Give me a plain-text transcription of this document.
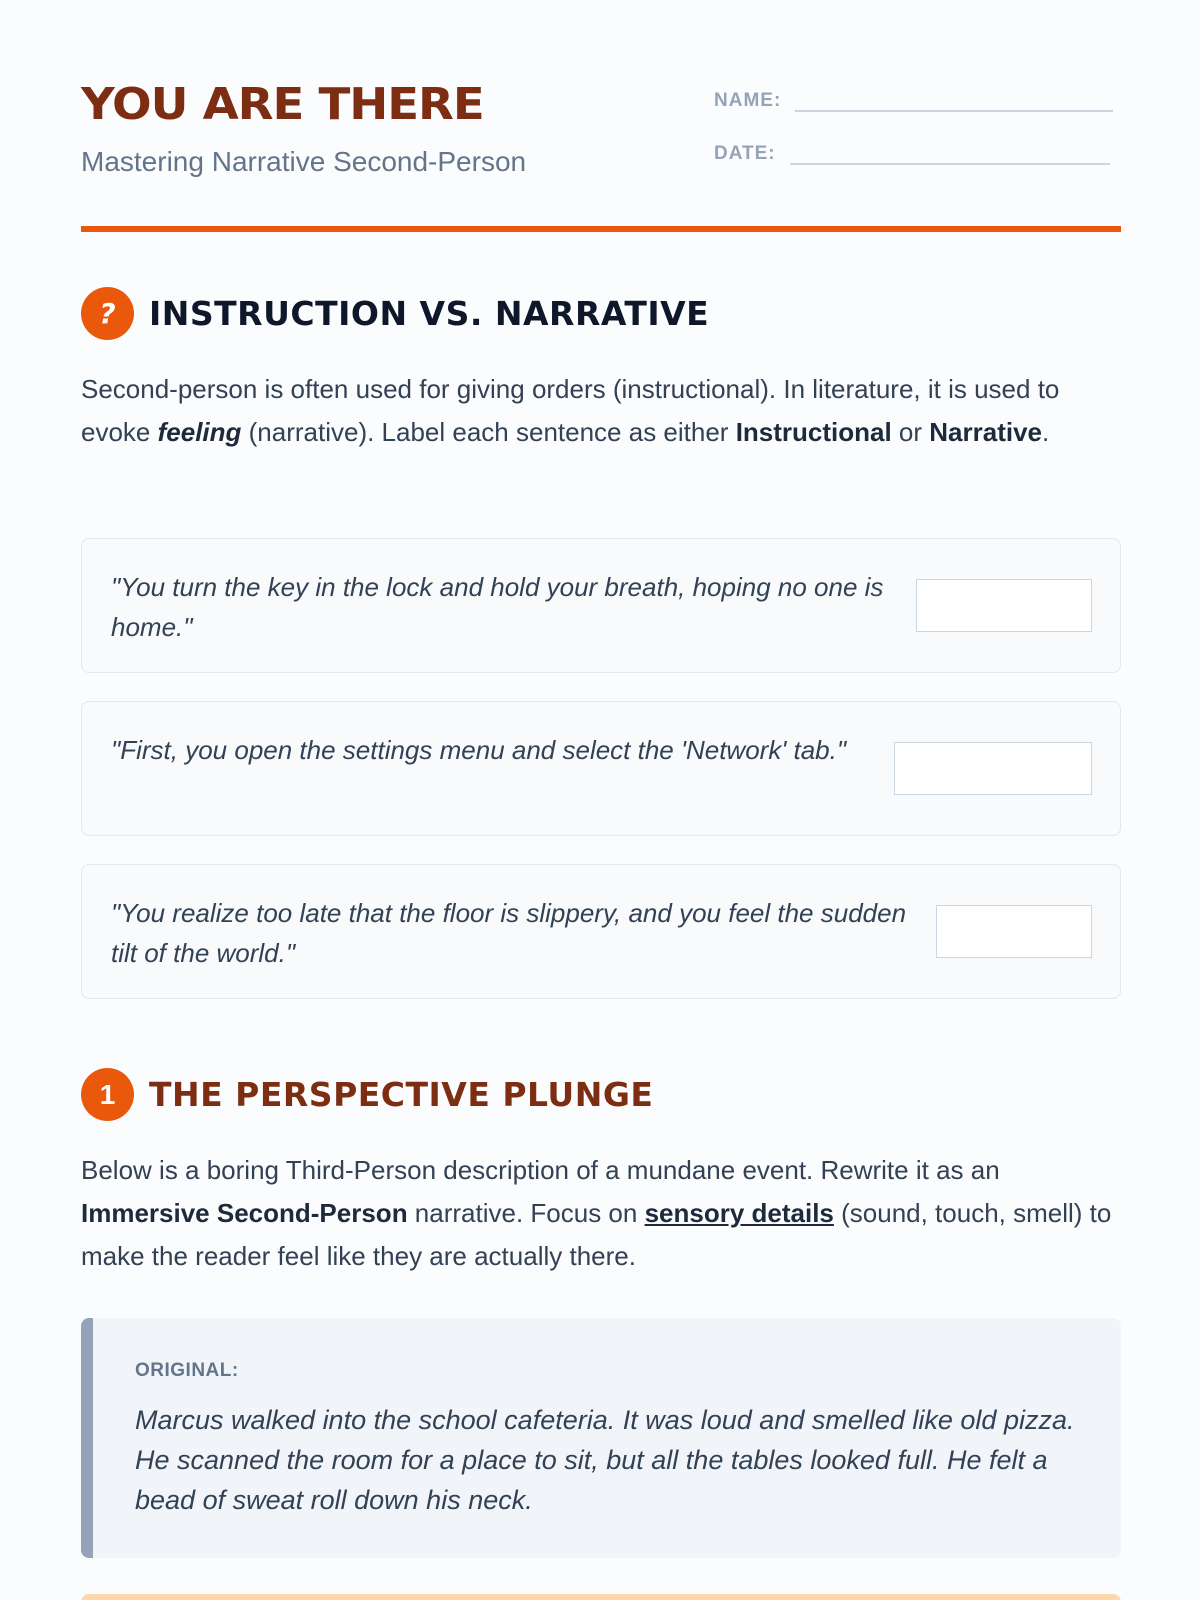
YOU ARE THERE
Mastering Narrative Second-Person
NAME:
DATE:
?	INSTRUCTION VS. NARRATIVE

Second-person is often used for giving orders (instructional). In literature, it is used to evoke feeling (narrative). Label each sentence as either Instructional or Narrative.

"You turn the key in the lock and hold your breath, hoping no one is home."
"First, you open the settings menu and select the 'Network' tab."
"You realize too late that the floor is slippery, and you feel the sudden tilt of the world."
1	THE PERSPECTIVE PLUNGE

Below is a boring Third-Person description of a mundane event. Rewrite it as an Immersive Second-Person narrative. Focus on sensory details (sound, touch, smell) to make the reader feel like they are actually there.

ORIGINAL:
Marcus walked into the school cafeteria. It was loud and smelled like old pizza. He scanned the room for a place to sit, but all the tables looked full. He felt a bead of sweat roll down his neck.
